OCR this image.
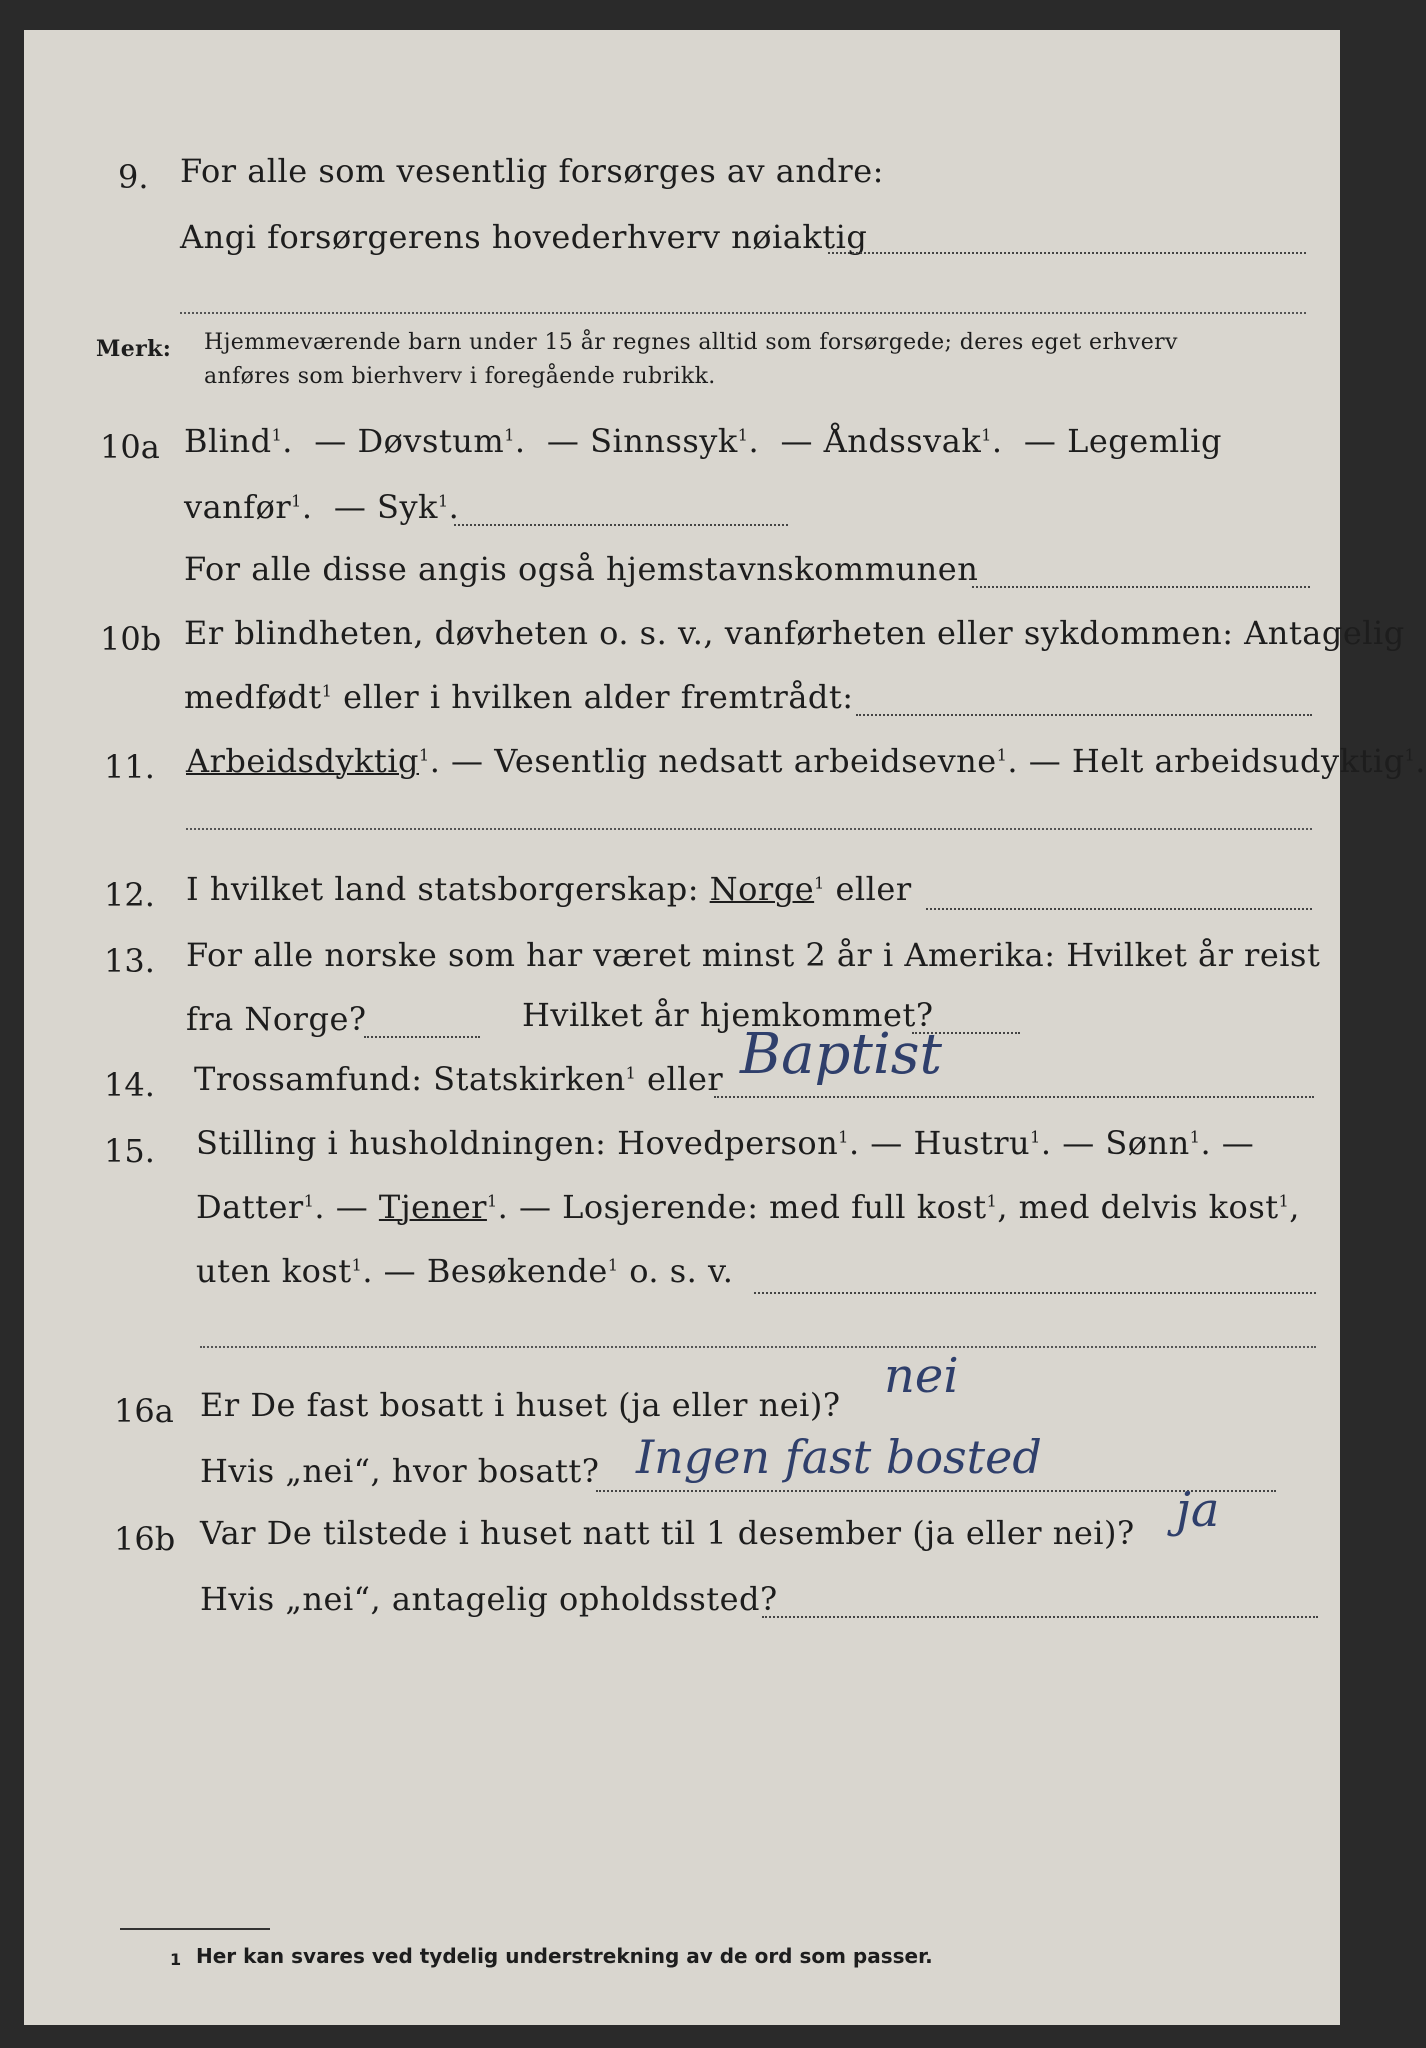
9. For alle som vesentlig forsørges av andre:
Angi forsørgerens hovederhverv nøiaktig
Merk: Hjemmeværende barn under 15 år regnes alltid som forsørgede; deres eget erhverv
anføres som bierhverv i foregående rubrikk.
10a Blind$^1$.  — Døvstum$^1$.  — Sinnssyk$^1$.  — Åndssvak$^1$.  — Legemlig
vanfør$^1$.  — Syk$^1$.
For alle disse angis også hjemstavnskommunen
10b Er blindheten, døvheten o. s. v., vanførheten eller sykdommen: Antagelig
medfødt$^1$ eller i hvilken alder fremtrådt:
11. Arbeidsdyktig$^1$. — Vesentlig nedsatt arbeidsevne$^1$. — Helt arbeidsudyktig$^1$.
12. I hvilket land statsborgerskap: Norge$^1$ eller
13. For alle norske som har været minst 2 år i Amerika: Hvilket år reist
fra Norge?	Hvilket år hjemkommet?
14. Trossamfund: Statskirken$^1$ eller Baptist
15. Stilling i husholdningen: Hovedperson$^1$. — Hustru$^1$. — Sønn$^1$. —
Datter$^1$. — Tjener$^1$. — Losjerende: med full kost$^1$, med delvis kost$^1$,
uten kost$^1$. — Besøkende$^1$ o. s. v.
16a Er De fast bosatt i huset (ja eller nei)?
nei
Hvis „nei“, hvor bosatt? Ingen fast bosted
16b Var De tilstede i huset natt til 1 desember (ja eller nei)? ja
Hvis „nei“, antagelig opholdssted?
1 Her kan svares ved tydelig understrekning av de ord som passer.
